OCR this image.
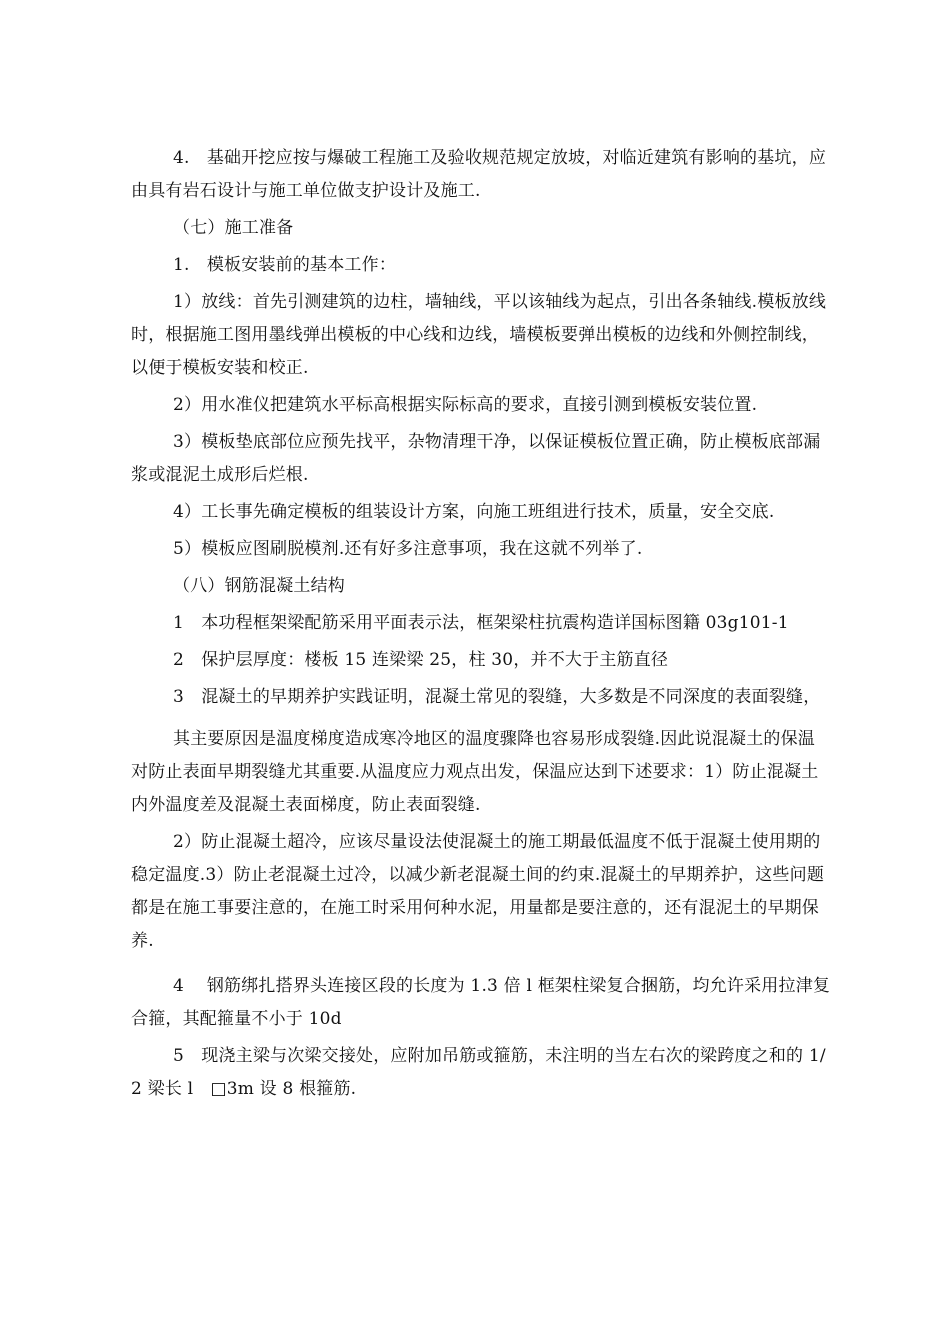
4.　基础开挖应按与爆破工程施工及验收规范规定放坡，对临近建筑有影响的基坑，应由具有岩石设计与施工单位做支护设计及施工.

（七）施工准备

1.　模板安装前的基本工作：

1）放线：首先引测建筑的边柱，墙轴线，平以该轴线为起点，引出各条轴线.模板放线时，根据施工图用墨线弹出模板的中心线和边线，墙模板要弹出模板的边线和外侧控制线，以便于模板安装和校正.

2）用水准仪把建筑水平标高根据实际标高的要求，直接引测到模板安装位置.

3）模板垫底部位应预先找平，杂物清理干净，以保证模板位置正确，防止模板底部漏浆或混泥土成形后烂根.

4）工长事先确定模板的组装设计方案，向施工班组进行技术，质量，安全交底.

5）模板应图刷脱模剂.还有好多注意事项，我在这就不列举了.

（八）钢筋混凝土结构

1　本功程框架梁配筋采用平面表示法，框架梁柱抗震构造详国标图籍 03g101-1

2　保护层厚度：楼板 15 连梁梁 25，柱 30，并不大于主筋直径

3　混凝土的早期养护实践证明，混凝土常见的裂缝，大多数是不同深度的表面裂缝，

其主要原因是温度梯度造成寒冷地区的温度骤降也容易形成裂缝.因此说混凝土的保温对防止表面早期裂缝尤其重要.从温度应力观点出发，保温应达到下述要求：1）防止混凝土内外温度差及混凝土表面梯度，防止表面裂缝.

2）防止混凝土超冷，应该尽量设法使混凝土的施工期最低温度不低于混凝土使用期的稳定温度.3）防止老混凝土过冷，以减少新老混凝土间的约束.混凝土的早期养护，这些问题都是在施工事要注意的，在施工时采用何种水泥，用量都是要注意的，还有混泥土的早期保养.

4　 钢筋绑扎搭界头连接区段的长度为 1.3 倍 l 框架柱梁复合捆筋，均允许采用拉津复合箍，其配箍量不小于 10d

5　现浇主梁与次梁交接处，应附加吊筋或箍筋，未注明的当左右次的梁跨度之和的 1/2 梁长 l　□3m 设 8 根箍筋.
